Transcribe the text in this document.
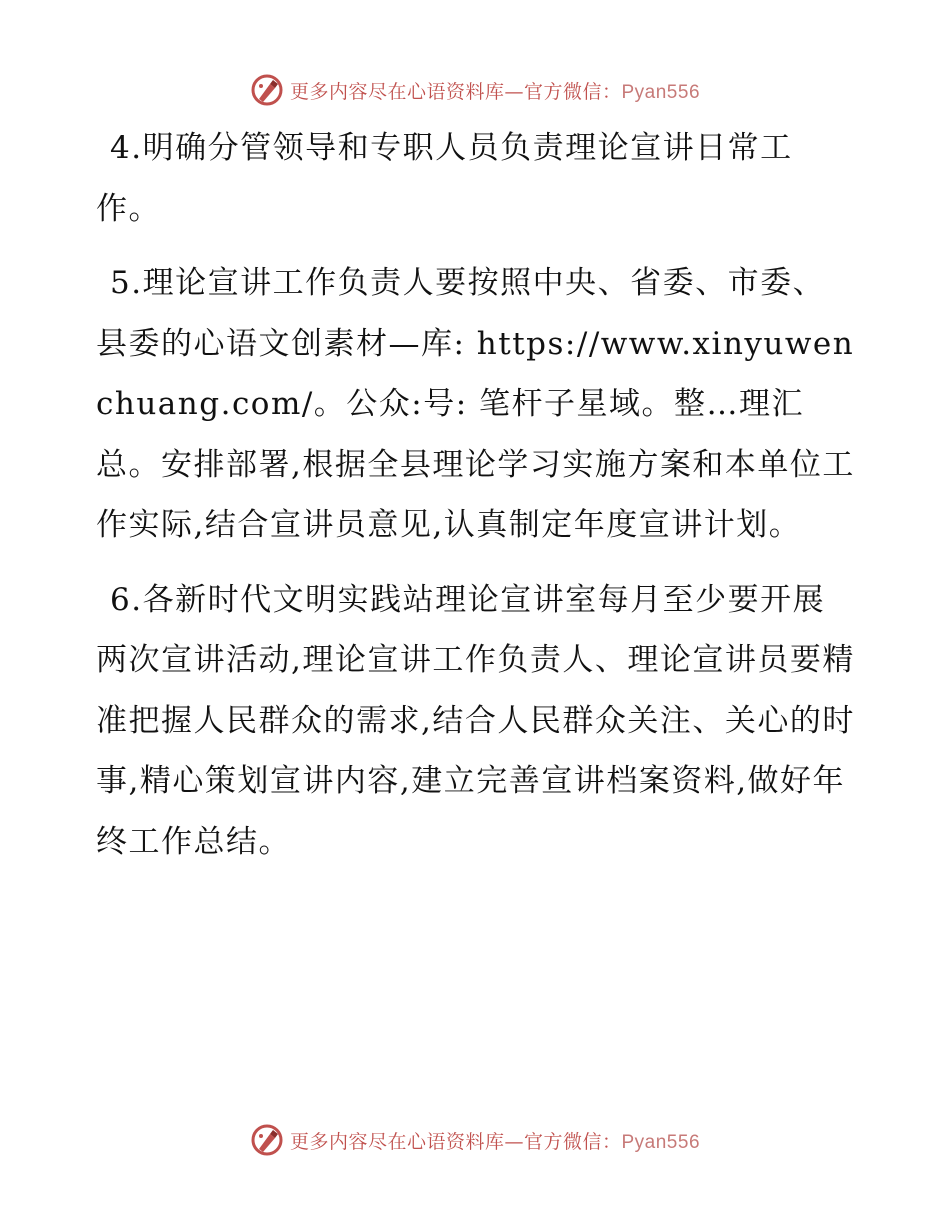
更多内容尽在心语资料库—官方微信：Pyan556

4.明确分管领导和专职人员负责理论宣讲日常工作。

5.理论宣讲工作负责人要按照中央、省委、市委、县委的心语文创素材—库: https://www.xinyuwenchuang.com/。公众:号: 笔杆子星域。整…理汇总。安排部署,根据全县理论学习实施方案和本单位工作实际,结合宣讲员意见,认真制定年度宣讲计划。

6.各新时代文明实践站理论宣讲室每月至少要开展两次宣讲活动,理论宣讲工作负责人、理论宣讲员要精准把握人民群众的需求,结合人民群众关注、关心的时事,精心策划宣讲内容,建立完善宣讲档案资料,做好年终工作总结。

更多内容尽在心语资料库—官方微信：Pyan556
